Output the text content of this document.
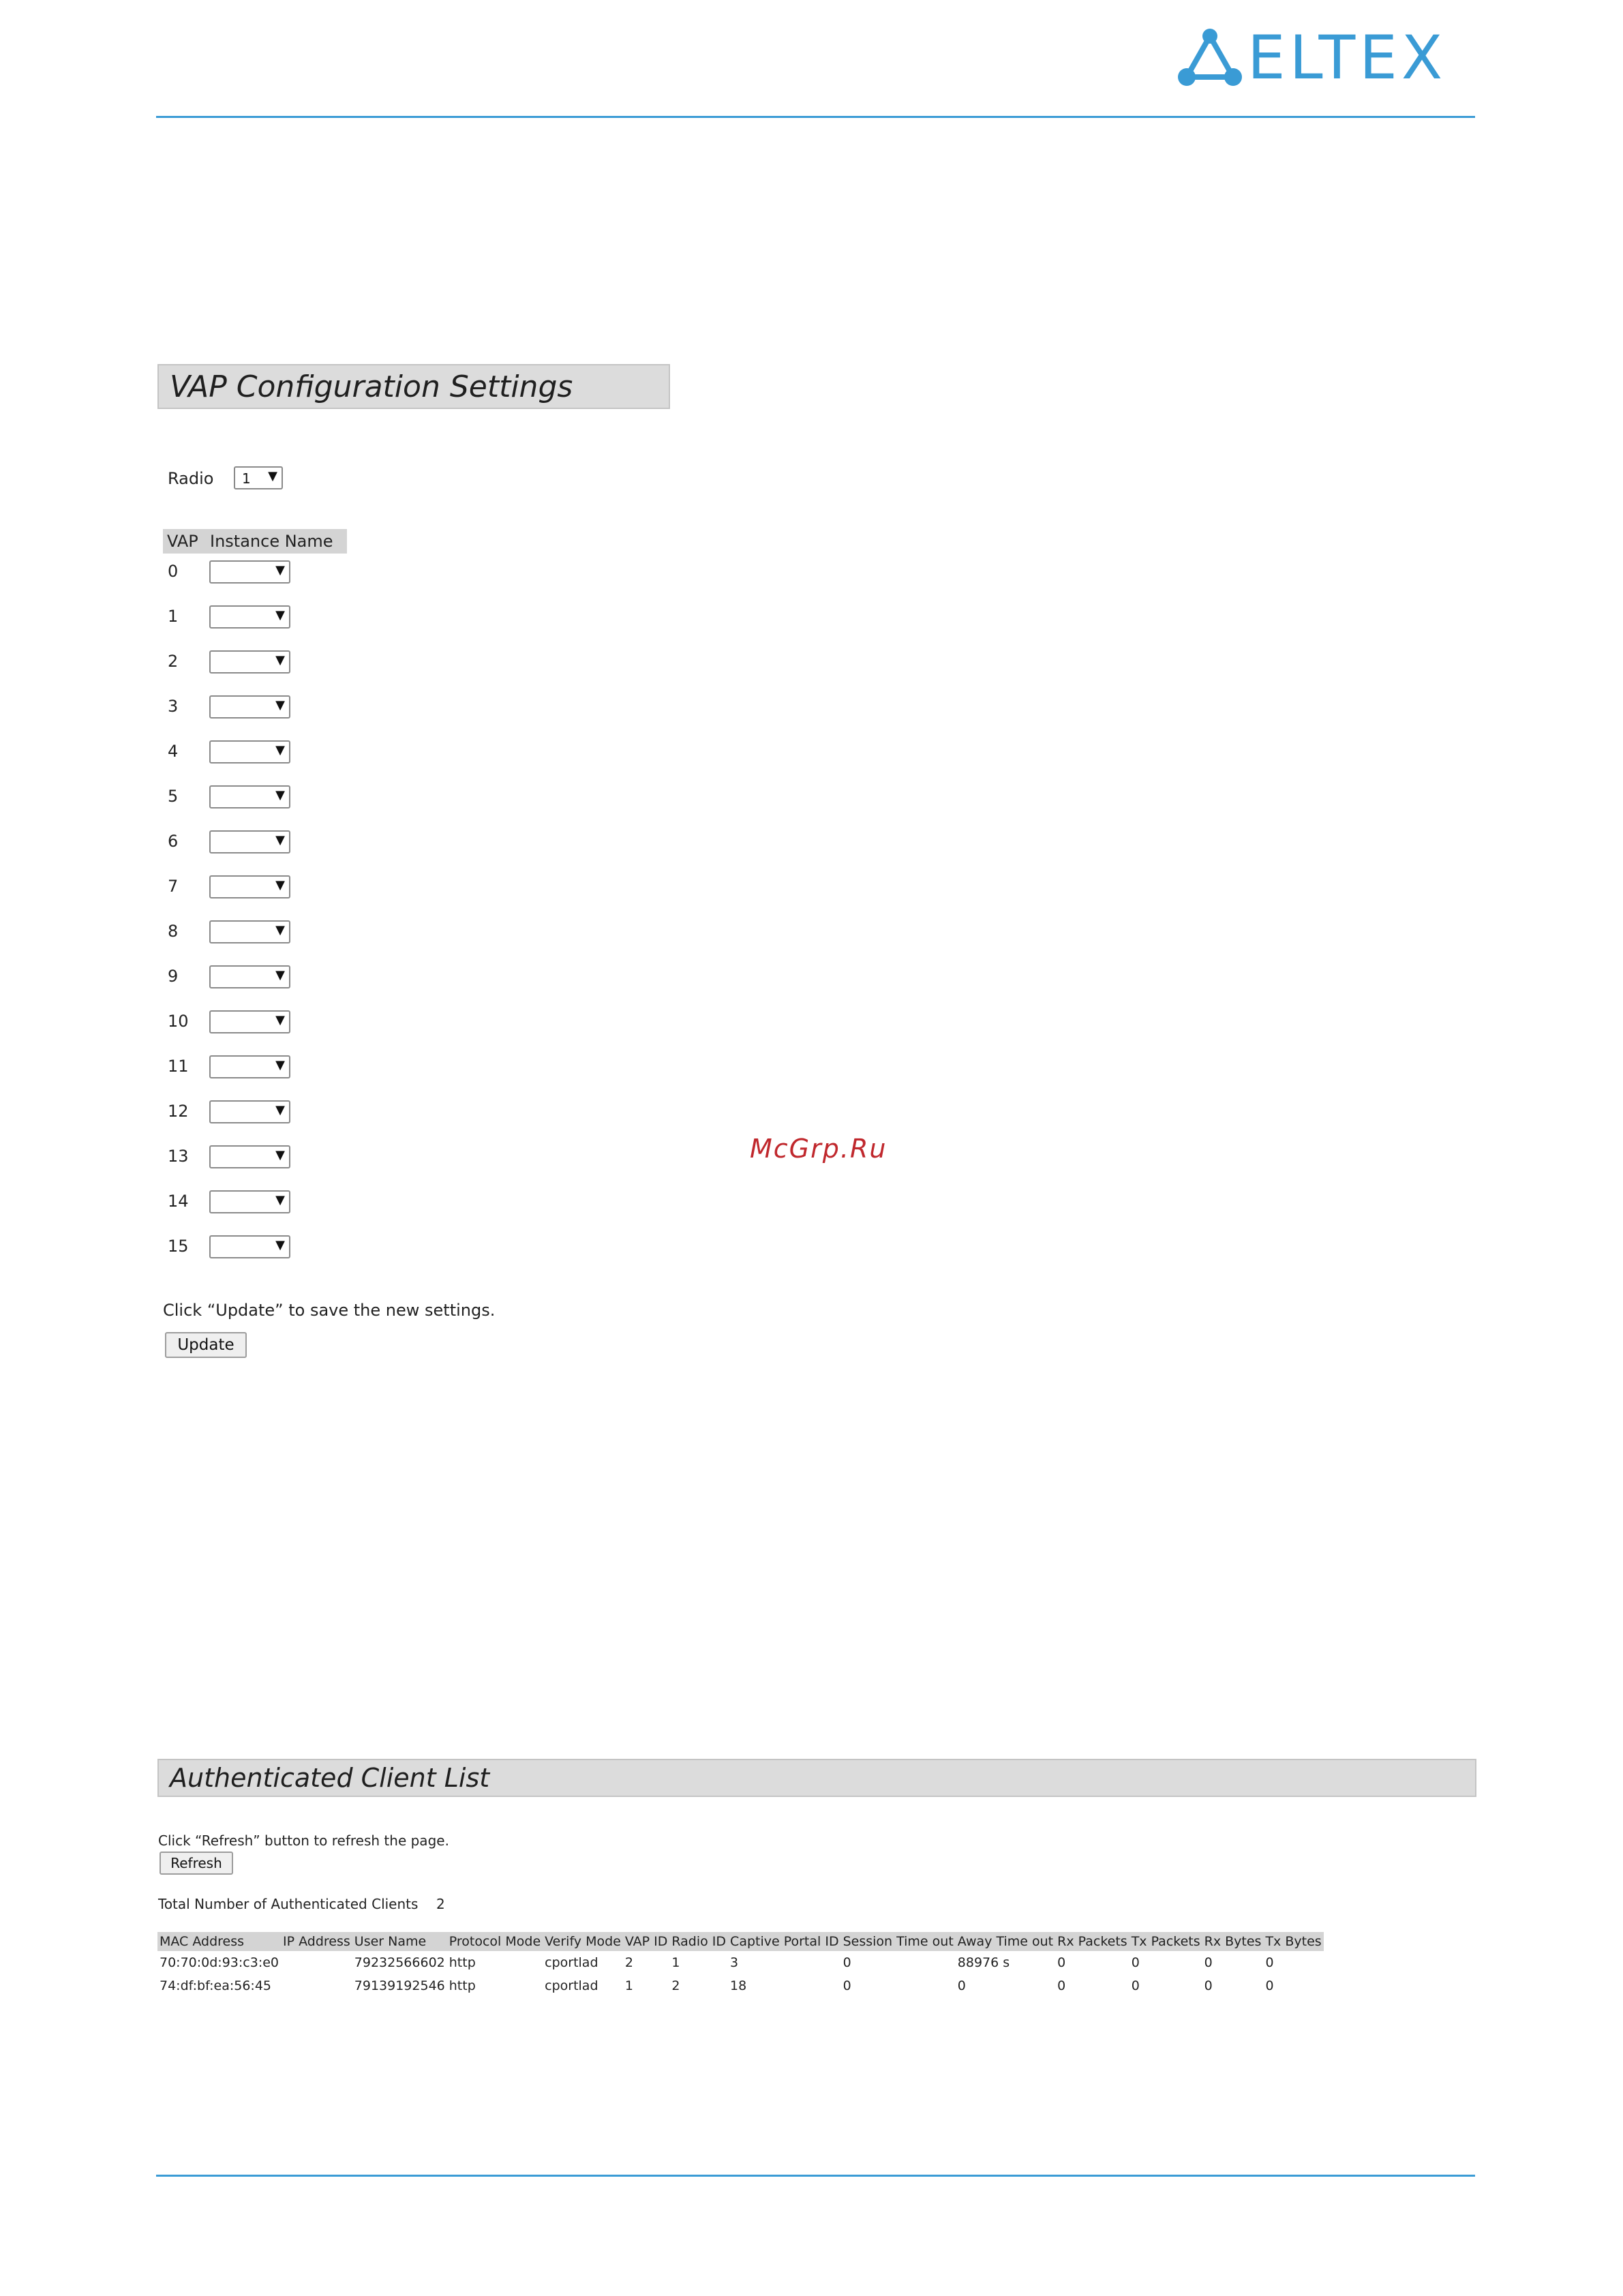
ELTEX
VAP Configuration Settings
Radio 1 ▼
VAP Instance Name
0	▼
1	▼
2	▼
3	▼
4	▼
5	▼
6	▼
7	▼
8	▼
9	▼
10	▼
11	▼
12	▼
13	▼
14	▼
15	▼
Click “Update” to save the new settings.
Update
McGrp.Ru
Authenticated Client List
Click “Refresh” button to refresh the page.
Refresh
Total Number of Authenticated Clients 2
MAC Address	IP Address	User Name	Protocol Mode	Verify Mode	VAP ID	Radio ID	Captive Portal ID	Session Time out	Away Time out	Rx Packets	Tx Packets	Rx Bytes	Tx Bytes
70:70:0d:93:c3:e0		79232566602	http	cportlad	2	1	3	0	88976 s	0	0	0	0
74:df:bf:ea:56:45		79139192546	http	cportlad	1	2	18	0	0	0	0	0	0
